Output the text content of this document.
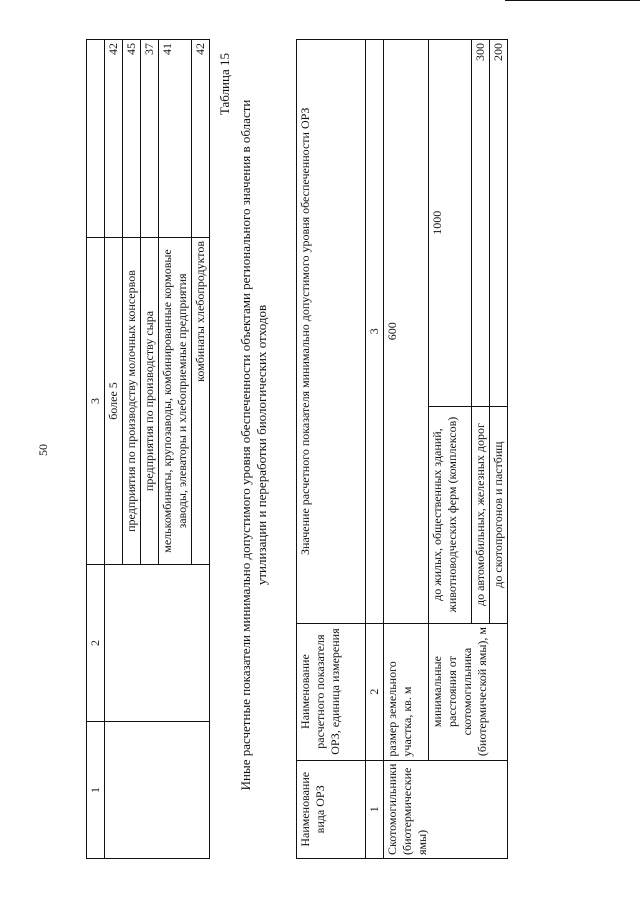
50
1	2	3	
		более 5	42
		предприятия по производству молочных консервов	45
		предприятия по производству сыра	37
		мелькомбинаты, крупозаводы, комбинированные кормовые заводы, элеваторы и хлебоприемные предприятия	41
		комбинаты хлебопродуктов	42
Таблица 15
Иные расчетные показатели минимально допустимого уровня обеспеченности объектами регионального значения в области утилизации и переработки биологических отходов
Наименование вида ОРЗ	Наименование расчетного показателя ОРЗ, единица измерения	Значение расчетного показателя минимально допустимого уровня обеспеченности ОРЗ	
1	2	3	
Скотомогильники (биотермические ямы)	размер земельного участка, кв. м	600	
	минимальные расстояния от скотомогильника (биотермической ямы), м	до жилых, общественных зданий, животноводческих ферм (комплексов)	1000
		до автомобильных, железных дорог	300
		до скотопрогонов и пастбищ	200
